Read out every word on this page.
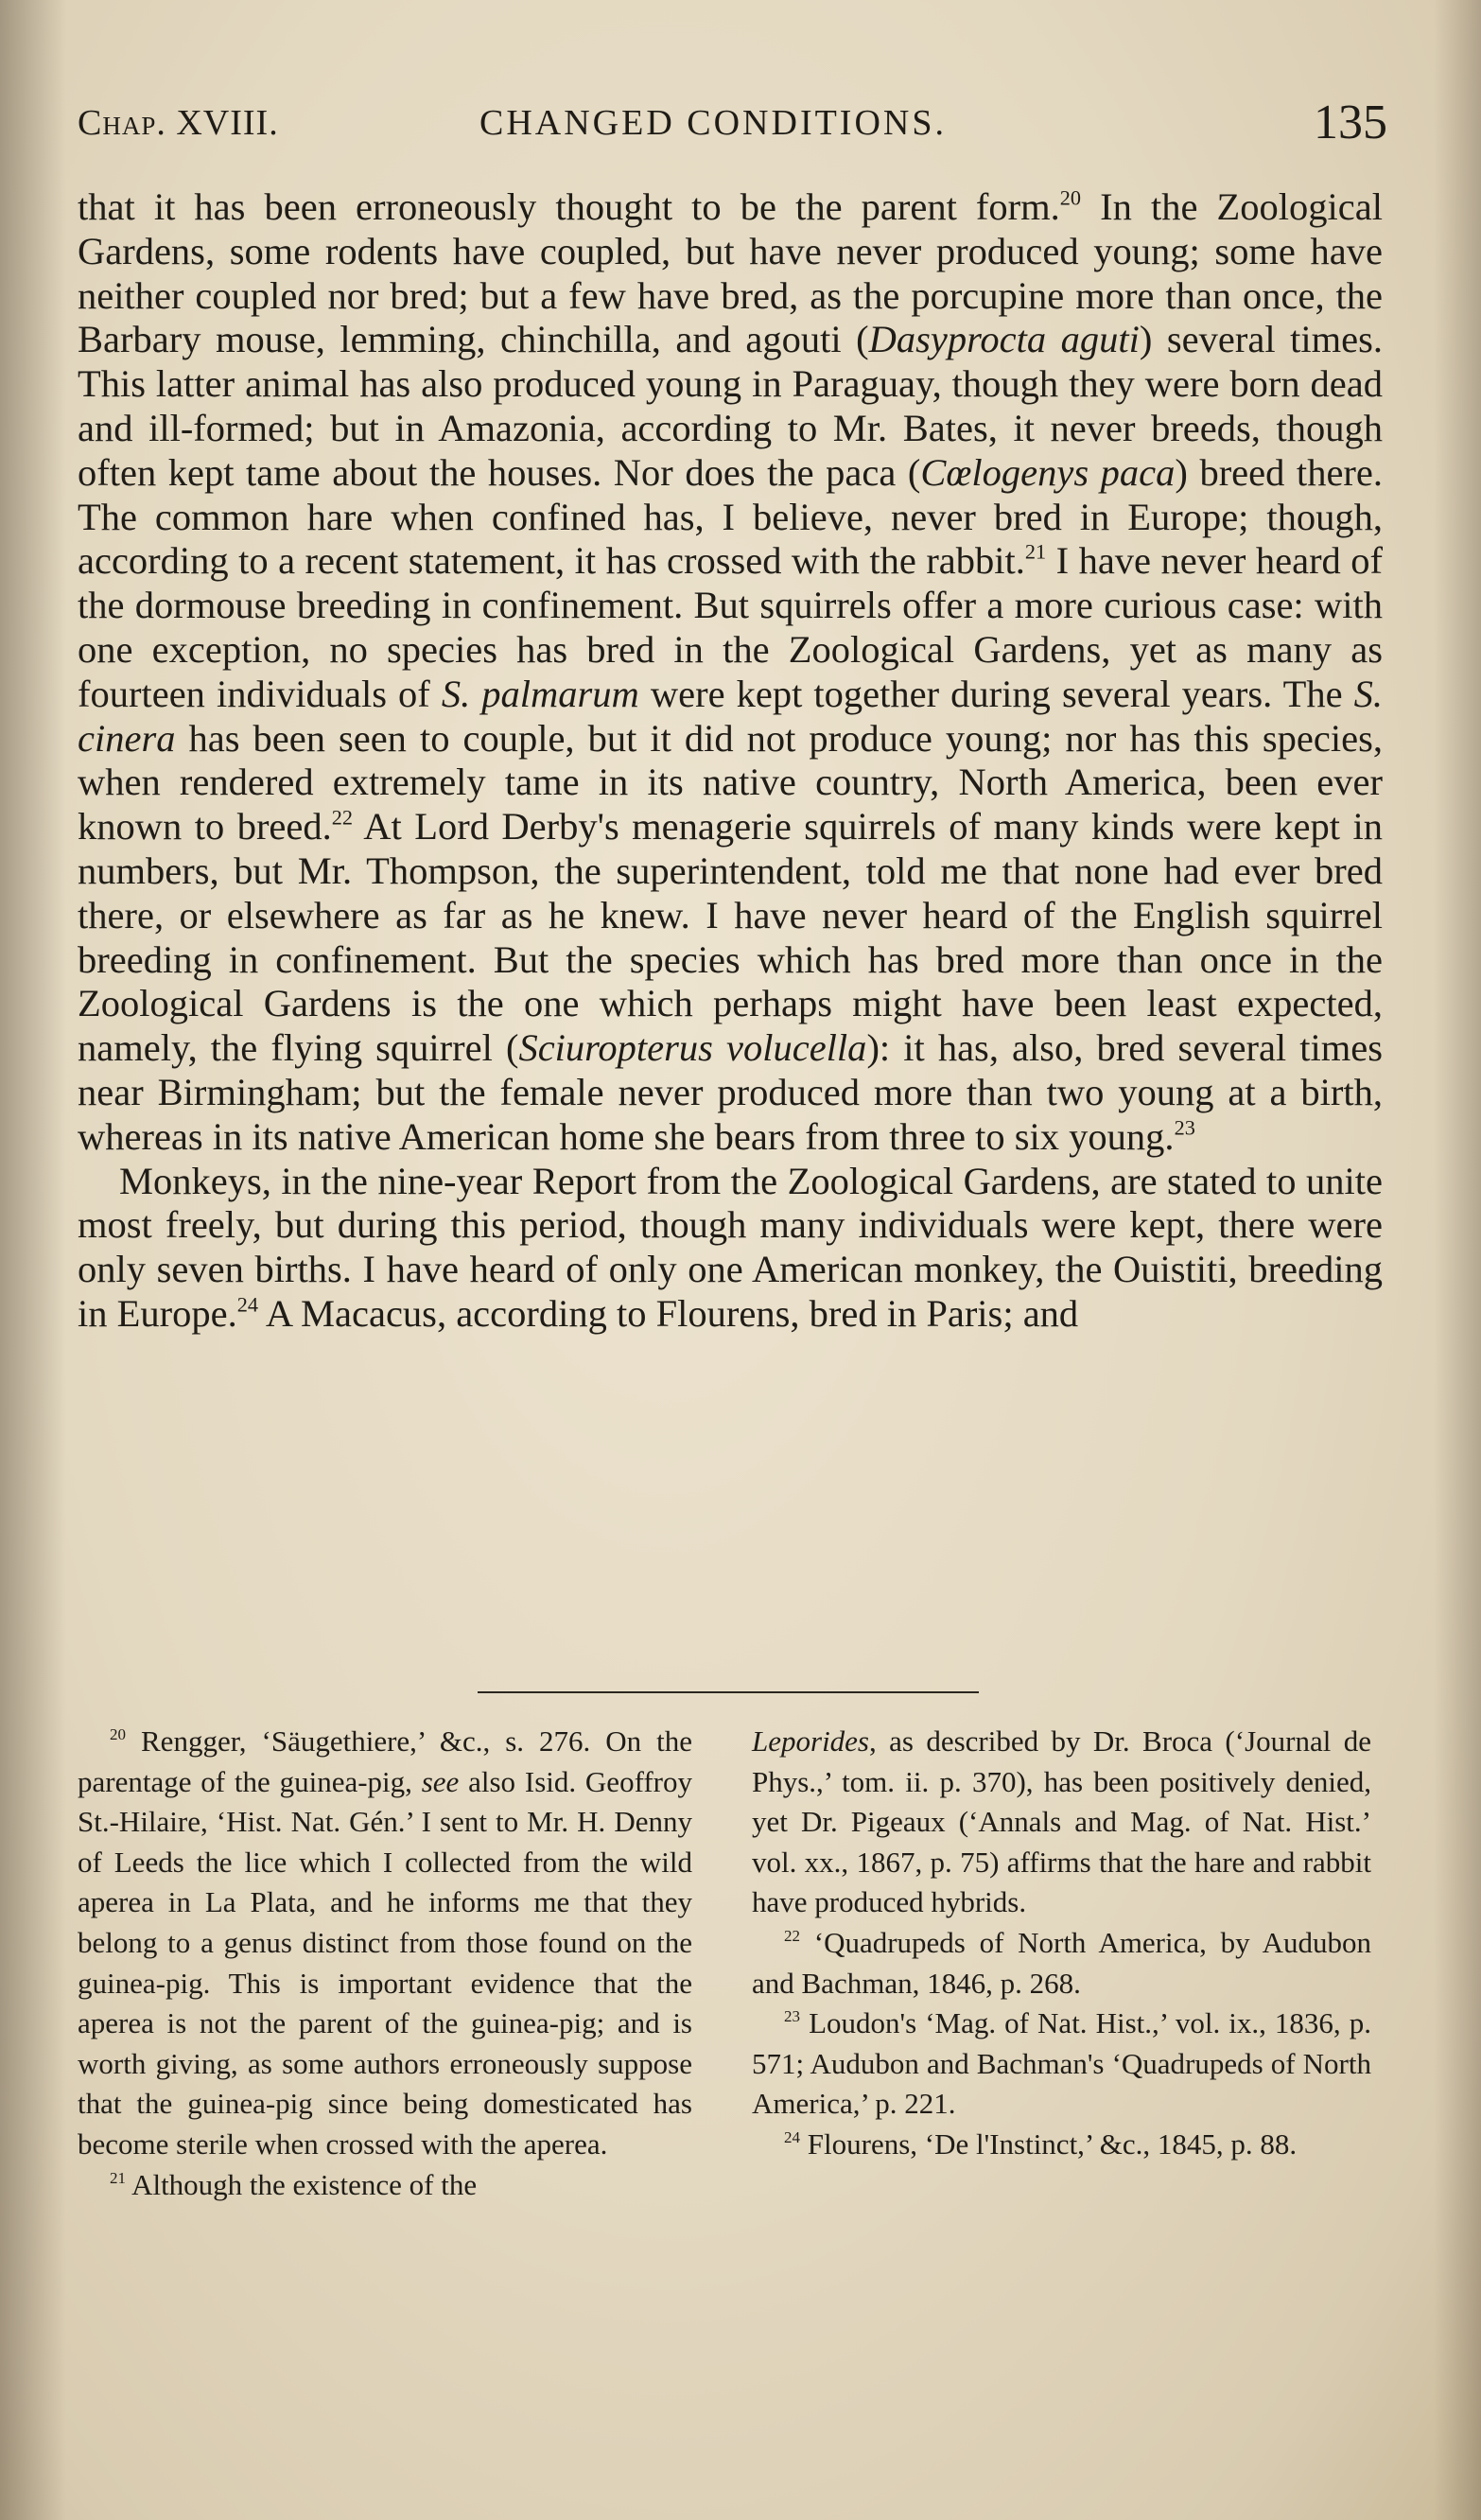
Chap. XVIII.	CHANGED CONDITIONS.	135

that it has been erroneously thought to be the parent form.$^{20}$ In the Zoological Gardens, some rodents have coupled, but have never produced young; some have neither coupled nor bred; but a few have bred, as the porcupine more than once, the Barbary mouse, lemming, chinchilla, and agouti (Dasyprocta aguti) several times. This latter animal has also produced young in Paraguay, though they were born dead and ill-formed; but in Amazonia, according to Mr. Bates, it never breeds, though often kept tame about the houses. Nor does the paca (Cœlogenys paca) breed there. The common hare when confined has, I believe, never bred in Europe; though, according to a recent statement, it has crossed with the rabbit.$^{21}$ I have never heard of the dormouse breeding in confinement. But squirrels offer a more curious case: with one exception, no species has bred in the Zoological Gardens, yet as many as fourteen individuals of S. palmarum were kept together during several years. The S. cinera has been seen to couple, but it did not produce young; nor has this species, when rendered extremely tame in its native country, North America, been ever known to breed.$^{22}$ At Lord Derby's menagerie squirrels of many kinds were kept in numbers, but Mr. Thompson, the superintendent, told me that none had ever bred there, or elsewhere as far as he knew. I have never heard of the English squirrel breeding in confinement. But the species which has bred more than once in the Zoological Gardens is the one which perhaps might have been least expected, namely, the flying squirrel (Sciuropterus volucella): it has, also, bred several times near Birmingham; but the female never produced more than two young at a birth, whereas in its native American home she bears from three to six young.$^{23}$

Monkeys, in the nine-year Report from the Zoological Gardens, are stated to unite most freely, but during this period, though many individuals were kept, there were only seven births. I have heard of only one American monkey, the Ouistiti, breeding in Europe.$^{24}$ A Macacus, according to Flourens, bred in Paris; and

$^{20}$ Rengger, ‘Säugethiere,’ &c., s. 276. On the parentage of the guinea-pig, see also Isid. Geoffroy St.-Hilaire, ‘Hist. Nat. Gén.’ I sent to Mr. H. Denny of Leeds the lice which I collected from the wild aperea in La Plata, and he informs me that they belong to a genus distinct from those found on the guinea-pig. This is important evidence that the aperea is not the parent of the guinea-pig; and is worth giving, as some authors erroneously suppose that the guinea-pig since being domesticated has become sterile when crossed with the aperea.

$^{21}$ Although the existence of the

Leporides, as described by Dr. Broca (‘Journal de Phys.,’ tom. ii. p. 370), has been positively denied, yet Dr. Pigeaux (‘Annals and Mag. of Nat. Hist.’ vol. xx., 1867, p. 75) affirms that the hare and rabbit have produced hybrids.

$^{22}$ ‘Quadrupeds of North America, by Audubon and Bachman, 1846, p. 268.

$^{23}$ Loudon's ‘Mag. of Nat. Hist.,’ vol. ix., 1836, p. 571; Audubon and Bachman's ‘Quadrupeds of North America,’ p. 221.

$^{24}$ Flourens, ‘De l'Instinct,’ &c., 1845, p. 88.
